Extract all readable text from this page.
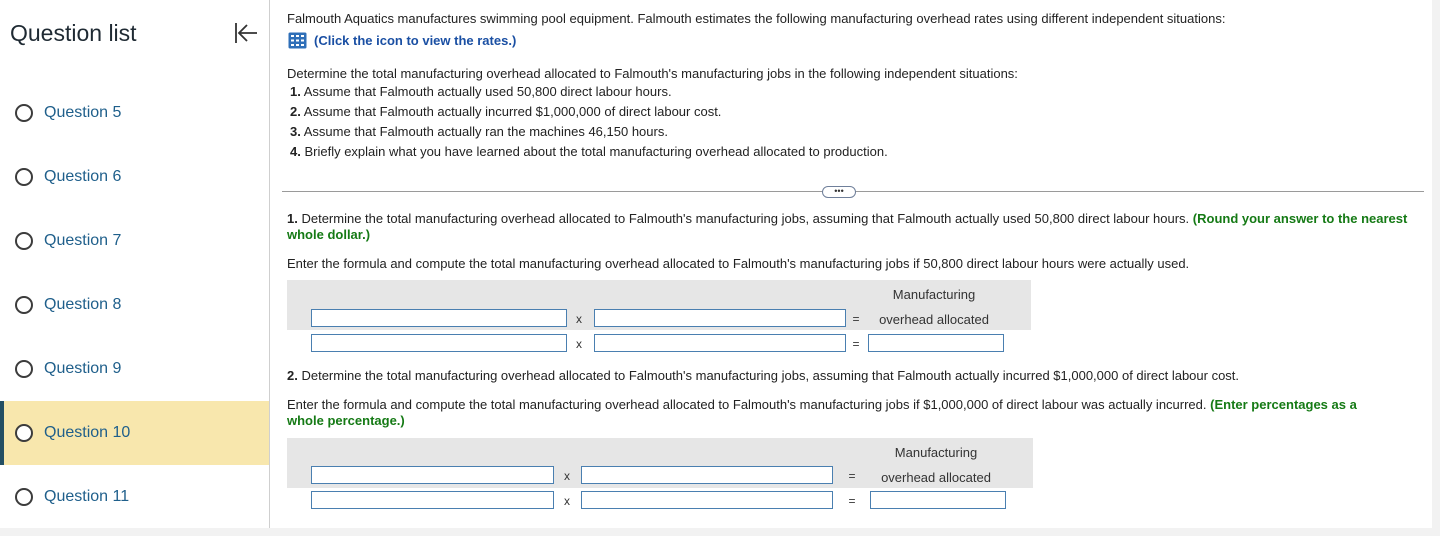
Question list
Question 5
Question 6
Question 7
Question 8
Question 9
Question 10
Question 11
Falmouth Aquatics manufactures swimming pool equipment. Falmouth estimates the following manufacturing overhead rates using different independent situations:
(Click the icon to view the rates.)
Determine the total manufacturing overhead allocated to Falmouth's manufacturing jobs in the following independent situations:
1. Assume that Falmouth actually used 50,800 direct labour hours.
2. Assume that Falmouth actually incurred $1,000,000 of direct labour cost.
3. Assume that Falmouth actually ran the machines 46,150 hours.
4. Briefly explain what you have learned about the total manufacturing overhead allocated to production.
•••
1. Determine the total manufacturing overhead allocated to Falmouth's manufacturing jobs, assuming that Falmouth actually used 50,800 direct labour hours. (Round your answer to the nearest whole dollar.)
Enter the formula and compute the total manufacturing overhead allocated to Falmouth's manufacturing jobs if 50,800 direct labour hours were actually used.
Manufacturing
overhead allocated
x	=
x	=
2. Determine the total manufacturing overhead allocated to Falmouth's manufacturing jobs, assuming that Falmouth actually incurred $1,000,000 of direct labour cost.
Enter the formula and compute the total manufacturing overhead allocated to Falmouth's manufacturing jobs if $1,000,000 of direct labour was actually incurred. (Enter percentages as a whole percentage.)
Manufacturing
overhead allocated
x	=
x	=
